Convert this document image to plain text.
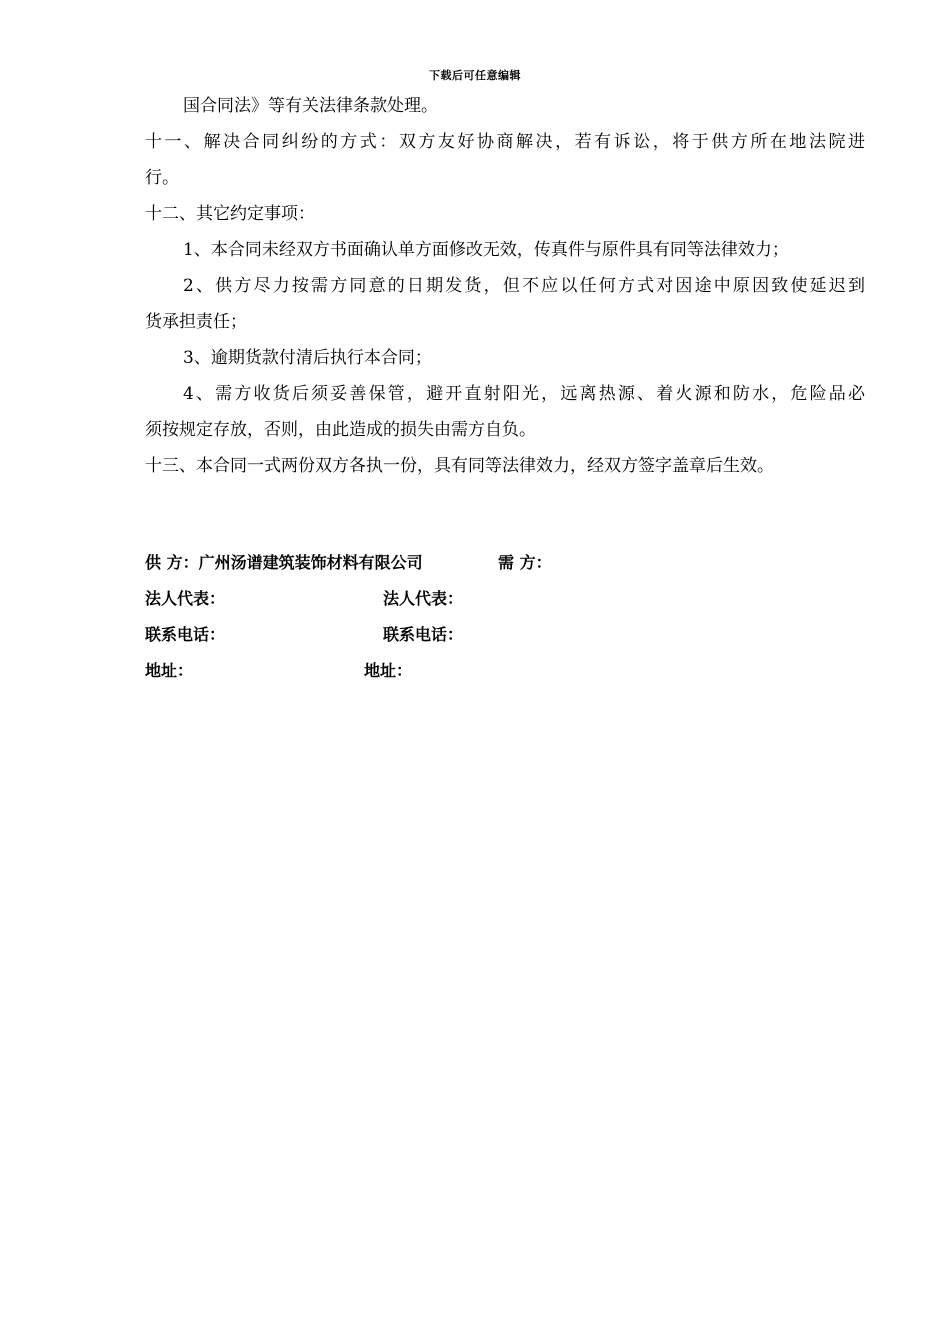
下载后可任意编辑
国合同法》等有关法律条款处理。
十一、解决合同纠纷的方式：双方友好协商解决，若有诉讼，将于供方所在地法院进
行。
十二、其它约定事项：
1、本合同未经双方书面确认单方面修改无效，传真件与原件具有同等法律效力；
2、供方尽力按需方同意的日期发货，但不应以任何方式对因途中原因致使延迟到
货承担责任；
3、逾期货款付清后执行本合同；
4、需方收货后须妥善保管，避开直射阳光，远离热源、着火源和防水，危险品必
须按规定存放，否则，由此造成的损失由需方自负。
十三、本合同一式两份双方各执一份，具有同等法律效力，经双方签字盖章后生效。
供 方：广州汤谱建筑装饰材料有限公司	需 方：
法人代表：	法人代表：
联系电话：	联系电话：
地址：	地址：
